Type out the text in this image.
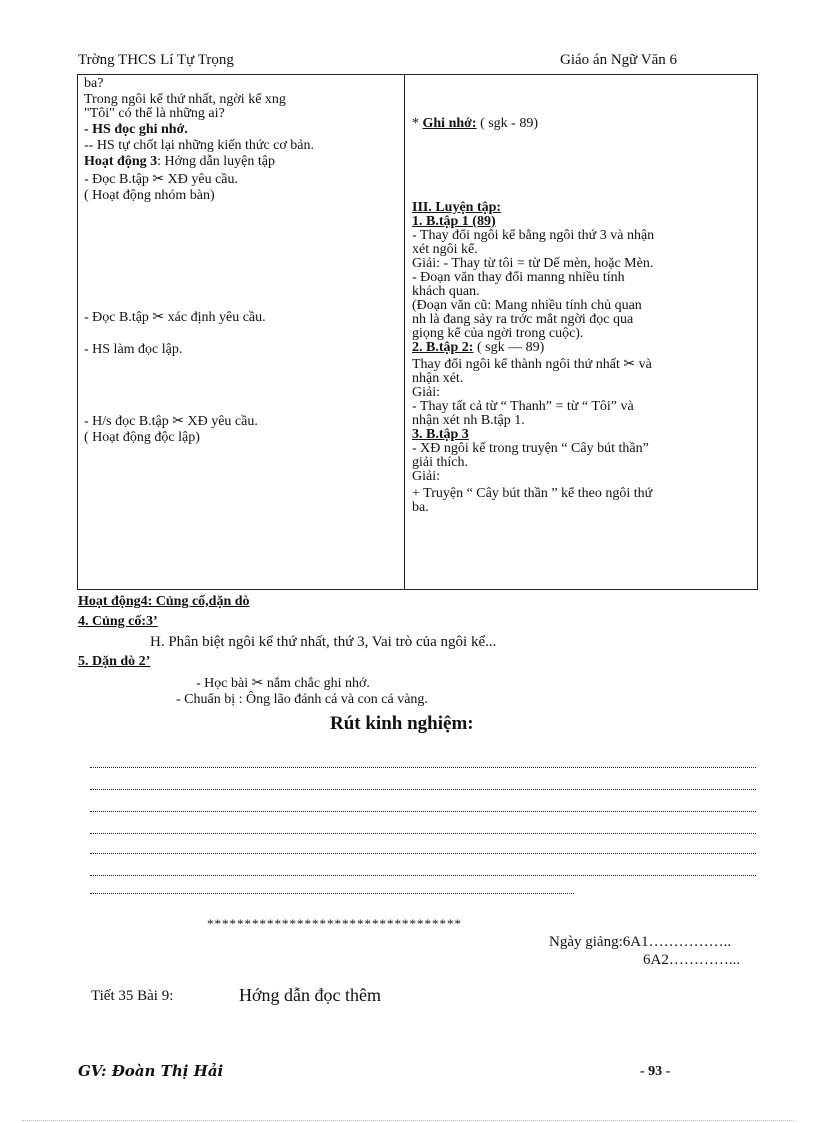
Trờng THCS Lí Tự Trọng	Giáo án Ngữ Văn 6
ba?
Trong ngôi kể thứ nhất, ngời kể xng
"Tôi" có thể là những ai?
- HS đọc ghi nhớ.
-- HS tự chốt lại những kiến thức cơ bản.
Hoạt động 3: Hớng dẫn luyện tập
- Đọc B.tập ✂ XĐ yêu cầu.
( Hoạt động nhóm bàn)
- Đọc B.tập ✂ xác định yêu cầu.
- HS làm đọc lập.
- H/s đọc B.tập ✂ XĐ yêu cầu.
( Hoạt động độc lập)
* Ghi nhớ: ( sgk - 89)
III. Luyện tập:
1. B.tập 1 (89)
- Thay đổi ngôi kể bằng ngôi thứ 3 và nhận
xét ngôi kể.
Giải: - Thay từ tôi = từ Dế mèn, hoặc Mèn.
- Đoạn văn thay đổi manng nhiều tính
khách quan.
(Đoạn văn cũ: Mang nhiều tính chủ quan
nh là đang sảy ra trớc mắt ngời đọc qua
giọng kể của ngời trong cuộc).
2. B.tập 2: ( sgk — 89)
Thay đổi ngôi kể thành ngôi thứ nhất ✂ và
nhận xét.
Giải:
- Thay tất cả từ “ Thanh” = từ “ Tôi” và
nhận xét nh B.tập 1.
3. B.tập 3
- XĐ ngôi kể trong truyện “ Cây bút thần”
giải thích.
Giải:
+ Truyện “ Cây bút thần ” kể theo ngôi thứ
ba.
Hoạt động4: Củng cố,dặn dò
4. Củng cố:3’
H. Phân biệt ngôi kể thứ nhất, thứ 3, Vai trò của ngôi kể...
5. Dặn dò 2’
- Học bài ✂ nắm chắc ghi nhớ.
- Chuẩn bị : Ông lão đánh cá và con cá vàng.
Rút kinh nghiệm:
**********************************
Ngày giảng:6A1……………..
6A2…………...
Tiết 35 Bài 9:	Hớng dẫn đọc thêm
GV: Đoàn Thị Hải	- 93 -
